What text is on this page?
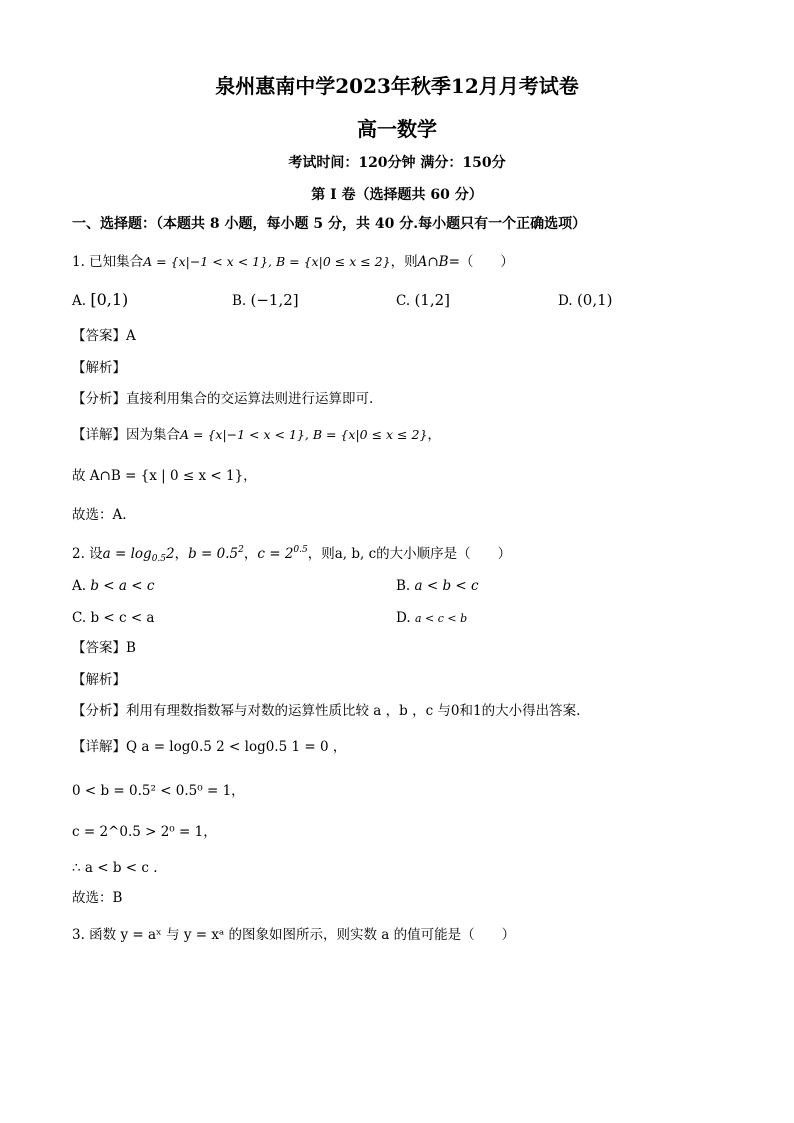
泉州惠南中学2023年秋季12月月考试卷
高一数学
考试时间：120分钟 满分：150分
第 I 卷（选择题共 60 分）
一、选择题：（本题共 8 小题，每小题 5 分，共 40 分.每小题只有一个正确选项）
1. 已知集合A = {x|−1 < x < 1}, B = {x|0 ≤ x ≤ 2}，则A∩B=（　　）
A. [0,1)	B. (−1,2]	C. (1,2]	D. (0,1)
【答案】A
【解析】
【分析】直接利用集合的交运算法则进行运算即可.
【详解】因为集合A = {x|−1 < x < 1}, B = {x|0 ≤ x ≤ 2}，
故 A∩B = {x | 0 ≤ x < 1}，
故选：A.
2. 设$a = \log_{0.5}2$，$b = 0.5^2$，$c = 2^{0.5}$，则a, b, c的大小顺序是（　　）
A. b < a < c	B. a < b < c
C. b < c < a	D. a < c < b
【答案】B
【解析】
【分析】利用有理数指数幂与对数的运算性质比较 a ，b ，c 与0和1的大小得出答案.
【详解】Q a = log0.5 2 < log0.5 1 = 0 ，
0 < b = 0.5² < 0.5⁰ = 1，
c = 2^0.5 > 2⁰ = 1，
∴ a < b < c .
故选：B
3. 函数 y = aˣ 与 y = xᵃ 的图象如图所示，则实数 a 的值可能是（　　）
